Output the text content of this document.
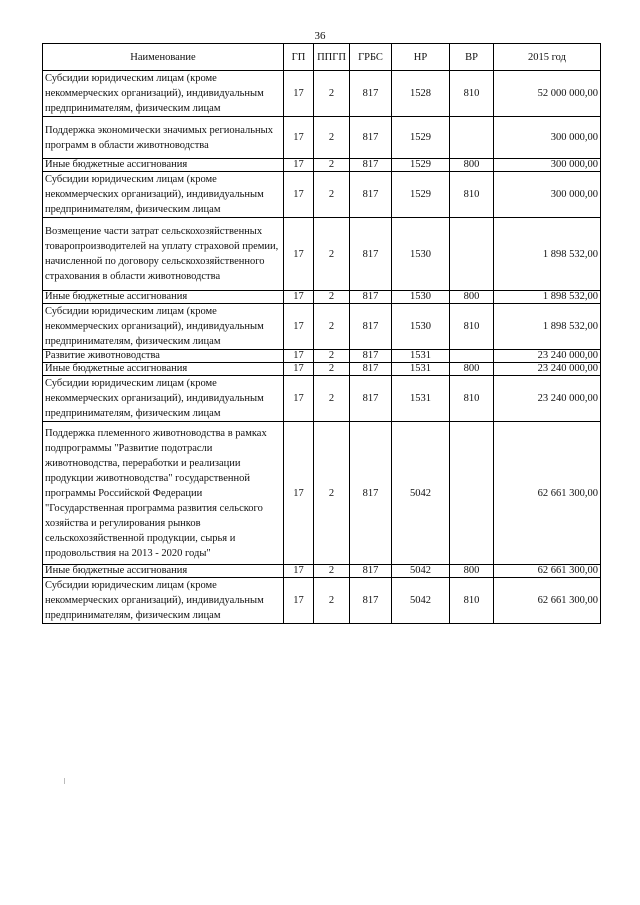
36
Наименование	ГП	ППГП	ГРБС	НР	ВР	2015 год
Субсидии юридическим лицам (кроме некоммерческих организаций), индивидуальным предпринимателям, физическим лицам	17	2	817	1528	810	52 000 000,00
Поддержка экономически значимых региональных программ в области животноводства	17	2	817	1529		300 000,00
Иные бюджетные ассигнования	17	2	817	1529	800	300 000,00
Субсидии юридическим лицам (кроме некоммерческих организаций), индивидуальным предпринимателям, физическим лицам	17	2	817	1529	810	300 000,00
Возмещение части затрат сельскохозяйственных товаропроизводителей на уплату страховой премии, начисленной по договору сельскохозяйственного страхования в области животноводства	17	2	817	1530		1 898 532,00
Иные бюджетные ассигнования	17	2	817	1530	800	1 898 532,00
Субсидии юридическим лицам (кроме некоммерческих организаций), индивидуальным предпринимателям, физическим лицам	17	2	817	1530	810	1 898 532,00
Развитие животноводства	17	2	817	1531		23 240 000,00
Иные бюджетные ассигнования	17	2	817	1531	800	23 240 000,00
Субсидии юридическим лицам (кроме некоммерческих организаций), индивидуальным предпринимателям, физическим лицам	17	2	817	1531	810	23 240 000,00
Поддержка племенного животноводства в рамках подпрограммы "Развитие подотрасли животноводства, переработки и реализации продукции животноводства" государственной программы Российской Федерации "Государственная программа развития сельского хозяйства и регулирования рынков сельскохозяйственной продукции, сырья и продовольствия на 2013 - 2020 годы"	17	2	817	5042		62 661 300,00
Иные бюджетные ассигнования	17	2	817	5042	800	62 661 300,00
Субсидии юридическим лицам (кроме некоммерческих организаций), индивидуальным предпринимателям, физическим лицам	17	2	817	5042	810	62 661 300,00
